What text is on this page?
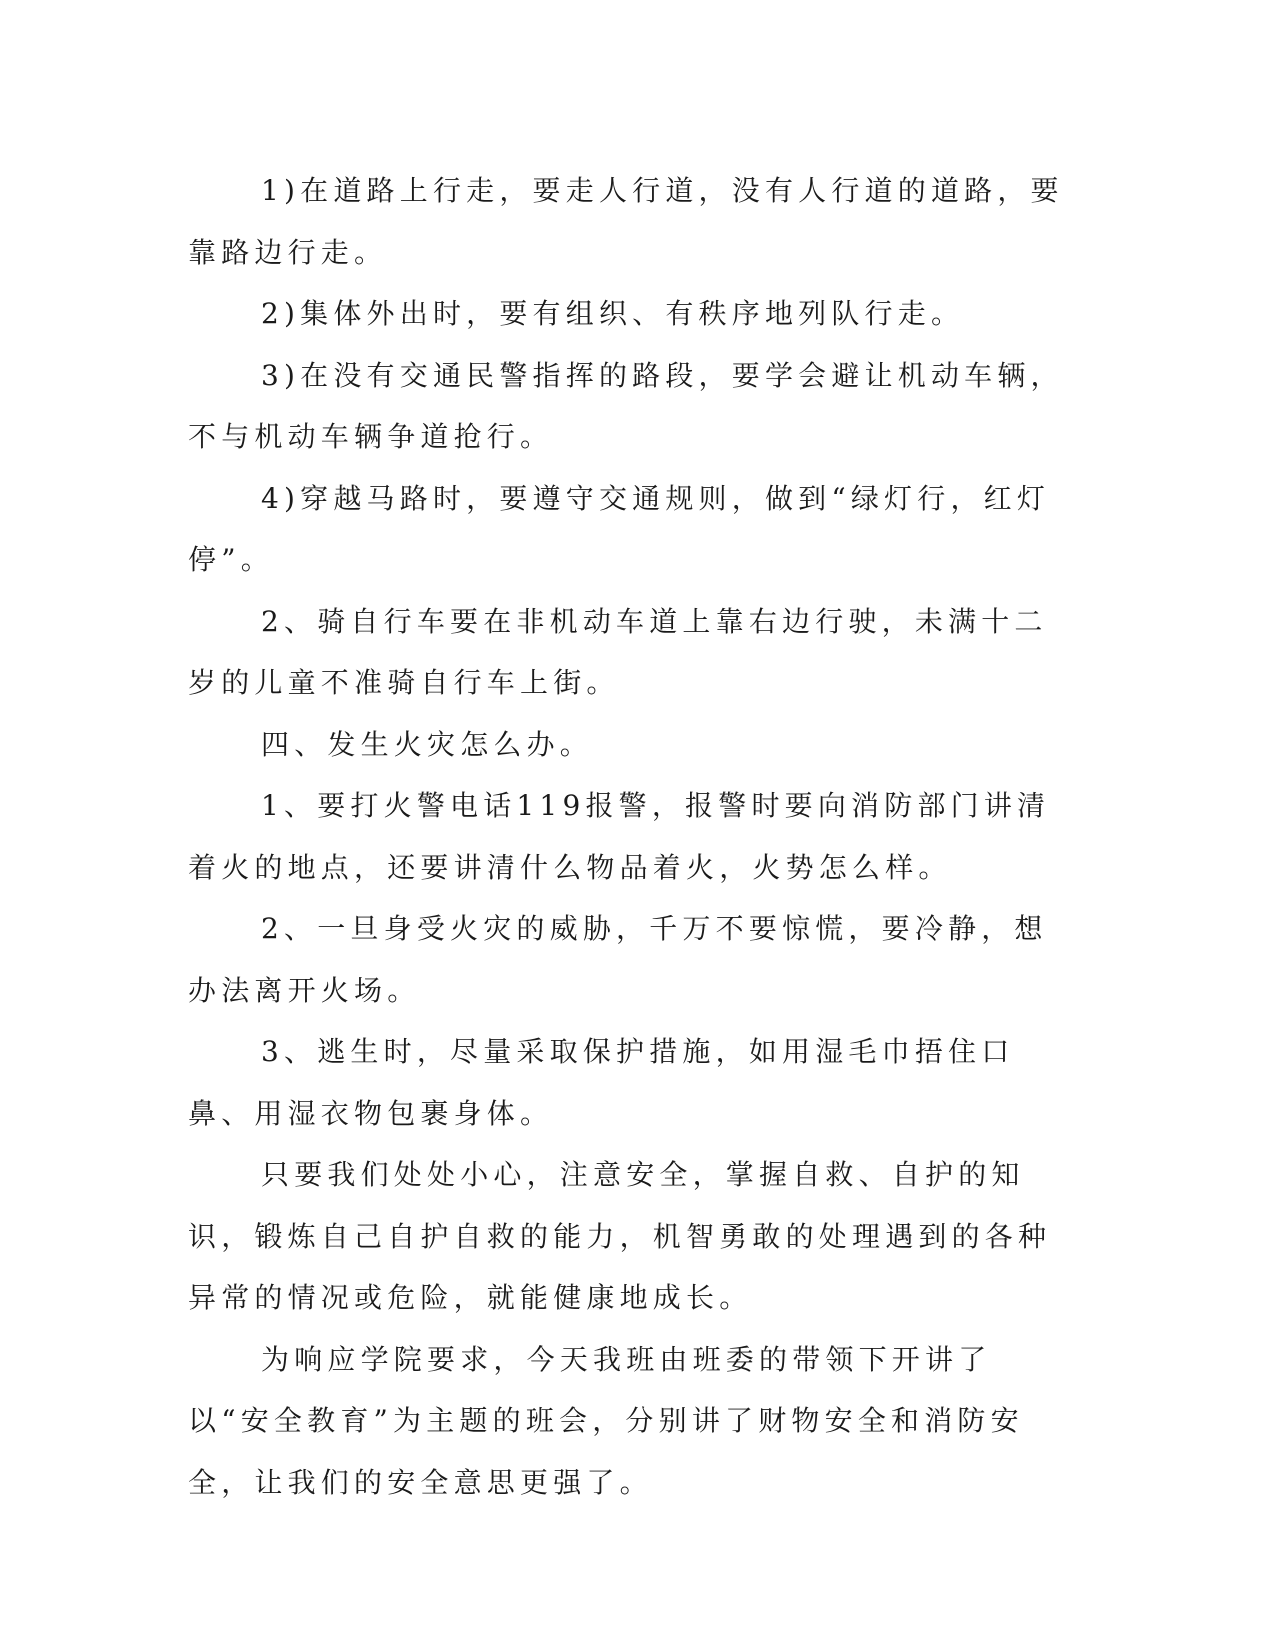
1)在道路上行走，要走人行道，没有人行道的道路，要靠路边行走。

2)集体外出时，要有组织、有秩序地列队行走。

3)在没有交通民警指挥的路段，要学会避让机动车辆，不与机动车辆争道抢行。

4)穿越马路时，要遵守交通规则，做到“绿灯行，红灯停”。

2、骑自行车要在非机动车道上靠右边行驶，未满十二岁的儿童不准骑自行车上街。

四、发生火灾怎么办。

1、要打火警电话119报警，报警时要向消防部门讲清着火的地点，还要讲清什么物品着火，火势怎么样。

2、一旦身受火灾的威胁，千万不要惊慌，要冷静，想办法离开火场。

3、逃生时，尽量采取保护措施，如用湿毛巾捂住口鼻、用湿衣物包裹身体。

只要我们处处小心，注意安全，掌握自救、自护的知识，锻炼自己自护自救的能力，机智勇敢的处理遇到的各种异常的情况或危险，就能健康地成长。

为响应学院要求，今天我班由班委的带领下开讲了以“安全教育”为主题的班会，分别讲了财物安全和消防安全，让我们的安全意思更强了。
